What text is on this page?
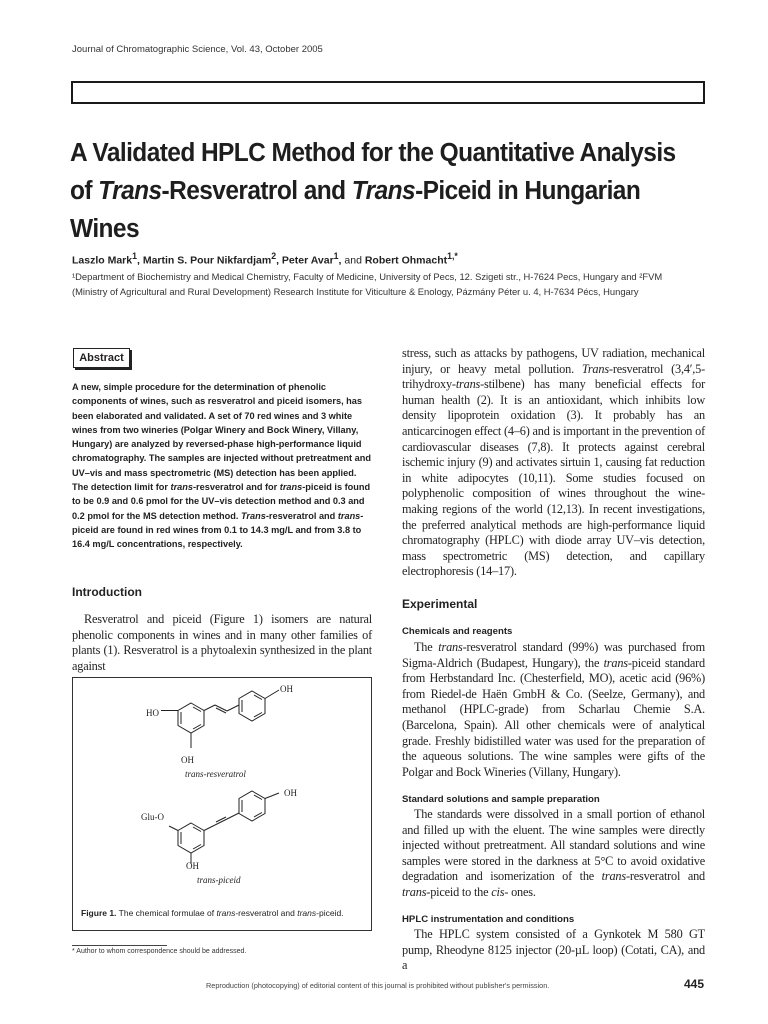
Journal of Chromatographic Science, Vol. 43, October 2005
A Validated HPLC Method for the Quantitative Analysis
of Trans-Resveratrol and Trans-Piceid in Hungarian Wines
Laszlo Mark$^1$, Martin S. Pour Nikfardjam$^2$, Peter Avar$^1$, and Robert Ohmacht$^{1,*}$
¹Department of Biochemistry and Medical Chemistry, Faculty of Medicine, University of Pecs, 12. Szigeti str., H-7624 Pecs, Hungary and ²FVM
(Ministry of Agricultural and Rural Development) Research Institute for Viticulture & Enology, Pázmány Péter u. 4, H-7634 Pécs, Hungary
Abstract
A new, simple procedure for the determination of phenolic components of wines, such as resveratrol and piceid isomers, has been elaborated and validated. A set of 70 red wines and 3 white wines from two wineries (Polgar Winery and Bock Winery, Villany, Hungary) are analyzed by reversed-phase high-performance liquid chromatography. The samples are injected without pretreatment and UV–vis and mass spectrometric (MS) detection has been applied. The detection limit for trans-resveratrol and for trans-piceid is found to be 0.9 and 0.6 pmol for the UV–vis detection method and 0.3 and 0.2 pmol for the MS detection method. Trans-resveratrol and trans-piceid are found in red wines from 0.1 to 14.3 mg/L and from 3.8 to 16.4 mg/L concentrations, respectively.
Introduction

Resveratrol and piceid (Figure 1) isomers are natural phenolic components in wines and in many other families of plants (1). Resveratrol is a phytoalexin synthesized in the plant against

OH
HO
OH
trans-resveratrol
OH
Glu-O
OH
trans-piceid
Figure 1. The chemical formulae of trans-resveratrol and trans-piceid.
* Author to whom correspondence should be addressed.
stress, such as attacks by pathogens, UV radiation, mechanical injury, or heavy metal pollution. Trans-resveratrol (3,4′,5-trihydroxy-trans-stilbene) has many beneficial effects for human health (2). It is an antioxidant, which inhibits low density lipoprotein oxidation (3). It probably has an anticarcinogen effect (4–6) and is important in the prevention of cardiovascular diseases (7,8). It protects against cerebral ischemic injury (9) and activates sirtuin 1, causing fat reduction in white adipocytes (10,11). Some studies focused on polyphenolic composition of wines throughout the wine-making regions of the world (12,13). In recent investigations, the preferred analytical methods are high-performance liquid chromatography (HPLC) with diode array UV–vis detection, mass spectrometric (MS) detection, and capillary electrophoresis (14–17).
Experimental
Chemicals and reagents

The trans-resveratrol standard (99%) was purchased from Sigma-Aldrich (Budapest, Hungary), the trans-piceid standard from Herbstandard Inc. (Chesterfield, MO), acetic acid (96%) from Riedel-de Haën GmbH & Co. (Seelze, Germany), and methanol (HPLC-grade) from Scharlau Chemie S.A. (Barcelona, Spain). All other chemicals were of analytical grade. Freshly bidistilled water was used for the preparation of the aqueous solutions. The wine samples were gifts of the Polgar and Bock Wineries (Villany, Hungary).

Standard solutions and sample preparation

The standards were dissolved in a small portion of ethanol and filled up with the eluent. The wine samples were directly injected without pretreatment. All standard solutions and wine samples were stored in the darkness at 5°C to avoid oxidative degradation and isomerization of the trans-resveratrol and trans-piceid to the cis- ones.

HPLC instrumentation and conditions

The HPLC system consisted of a Gynkotek M 580 GT pump, Rheodyne 8125 injector (20-µL loop) (Cotati, CA), and a

Reproduction (photocopying) of editorial content of this journal is prohibited without publisher's permission.	445
